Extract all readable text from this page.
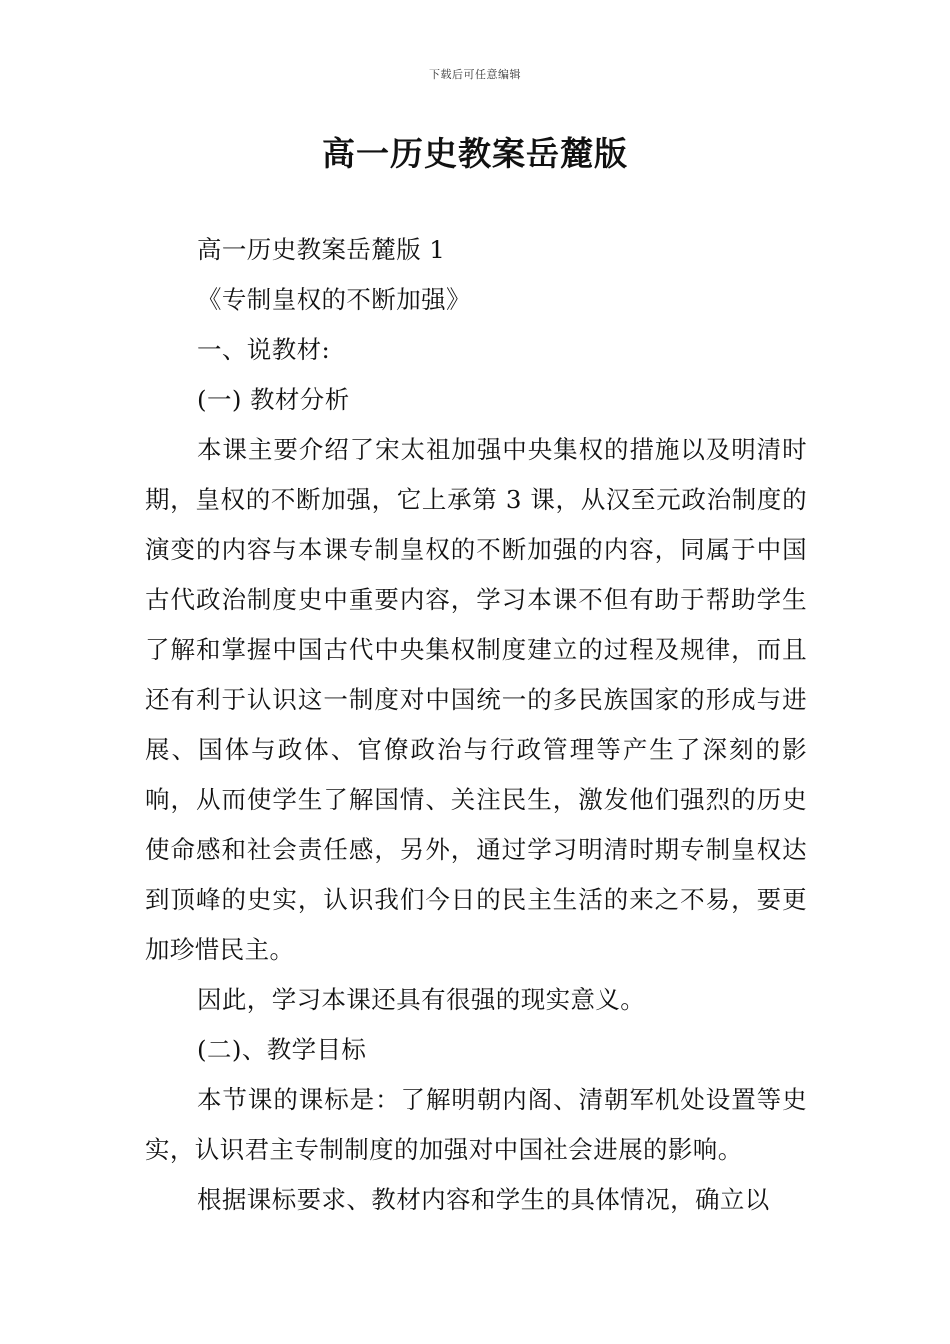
下载后可任意编辑
高一历史教案岳麓版

高一历史教案岳麓版 1

《专制皇权的不断加强》

一、说教材:

(一) 教材分析

本课主要介绍了宋太祖加强中央集权的措施以及明清时期，皇权的不断加强，它上承第 3 课，从汉至元政治制度的演变的内容与本课专制皇权的不断加强的内容，同属于中国古代政治制度史中重要内容，学习本课不但有助于帮助学生了解和掌握中国古代中央集权制度建立的过程及规律，而且还有利于认识这一制度对中国统一的多民族国家的形成与进展、国体与政体、官僚政治与行政管理等产生了深刻的影响，从而使学生了解国情、关注民生，激发他们强烈的历史使命感和社会责任感，另外，通过学习明清时期专制皇权达到顶峰的史实，认识我们今日的民主生活的来之不易，要更加珍惜民主。

因此，学习本课还具有很强的现实意义。

(二)、教学目标

本节课的课标是：了解明朝内阁、清朝军机处设置等史实，认识君主专制制度的加强对中国社会进展的影响。

根据课标要求、教材内容和学生的具体情况，确立以
